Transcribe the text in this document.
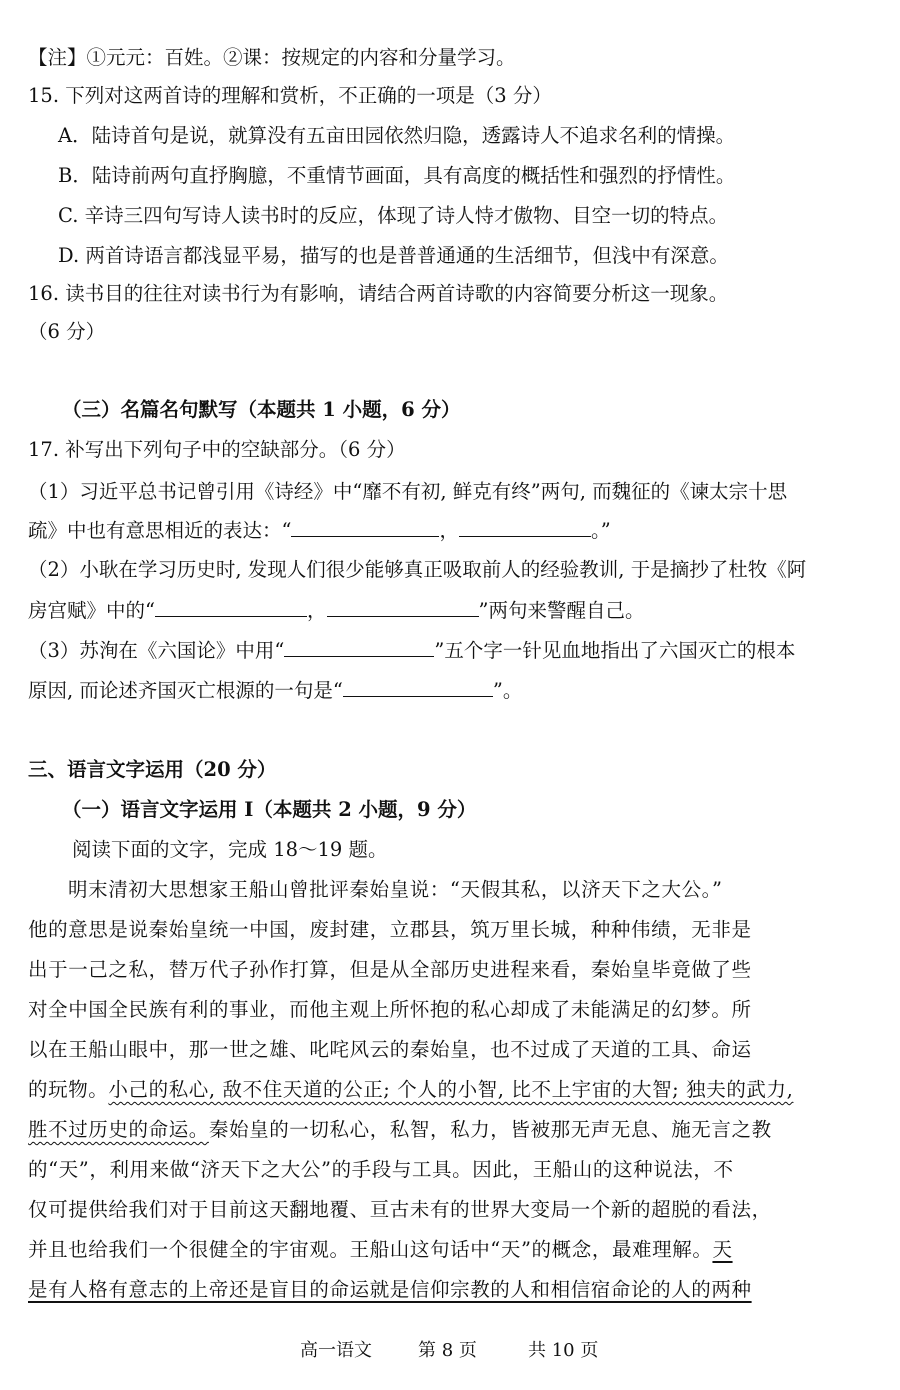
【注】①元元：百姓。②课：按规定的内容和分量学习。
15. 下列对这两首诗的理解和赏析，不正确的一项是（3 分）
A．陆诗首句是说，就算没有五亩田园依然归隐，透露诗人不追求名利的情操。
B．陆诗前两句直抒胸臆，不重情节画面，具有高度的概括性和强烈的抒情性。
C. 辛诗三四句写诗人读书时的反应，体现了诗人恃才傲物、目空一切的特点。
D. 两首诗语言都浅显平易，描写的也是普普通通的生活细节，但浅中有深意。
16. 读书目的往往对读书行为有影响，请结合两首诗歌的内容简要分析这一现象。
（6 分）
（三）名篇名句默写（本题共 1 小题，6 分）
17. 补写出下列句子中的空缺部分。（6 分）
（1）习近平总书记曾引用《诗经》中“靡不有初, 鲜克有终”两句, 而魏征的《谏太宗十思
疏》中也有意思相近的表达：“	，	。”
（2）小耿在学习历史时, 发现人们很少能够真正吸取前人的经验教训, 于是摘抄了杜牧《阿
房宫赋》中的“	，	”两句来警醒自己。
（3）苏洵在《六国论》中用“	”五个字一针见血地指出了六国灭亡的根本
原因, 而论述齐国灭亡根源的一句是“	”。
三、语言文字运用（20 分）
（一）语言文字运用 I（本题共 2 小题，9 分）
阅读下面的文字，完成 18～19 题。
明末清初大思想家王船山曾批评秦始皇说：“天假其私，以济天下之大公。”
他的意思是说秦始皇统一中国，废封建，立郡县，筑万里长城，种种伟绩，无非是
出于一己之私，替万代子孙作打算，但是从全部历史进程来看，秦始皇毕竟做了些
对全中国全民族有利的事业，而他主观上所怀抱的私心却成了未能满足的幻梦。所
以在王船山眼中，那一世之雄、叱咤风云的秦始皇，也不过成了天道的工具、命运
的玩物。小己的私心, 敌不住天道的公正; 个人的小智, 比不上宇宙的大智; 独夫的武力,
胜不过历史的命运。秦始皇的一切私心，私智，私力，皆被那无声无息、施无言之教
的“天”，利用来做“济天下之大公”的手段与工具。因此，王船山的这种说法，不
仅可提供给我们对于目前这天翻地覆、亘古未有的世界大变局一个新的超脱的看法，
并且也给我们一个很健全的宇宙观。王船山这句话中“天”的概念，最难理解。天
是有人格有意志的上帝还是盲目的命运就是信仰宗教的人和相信宿命论的人的两种
高一语文	第 8 页	共 10 页
